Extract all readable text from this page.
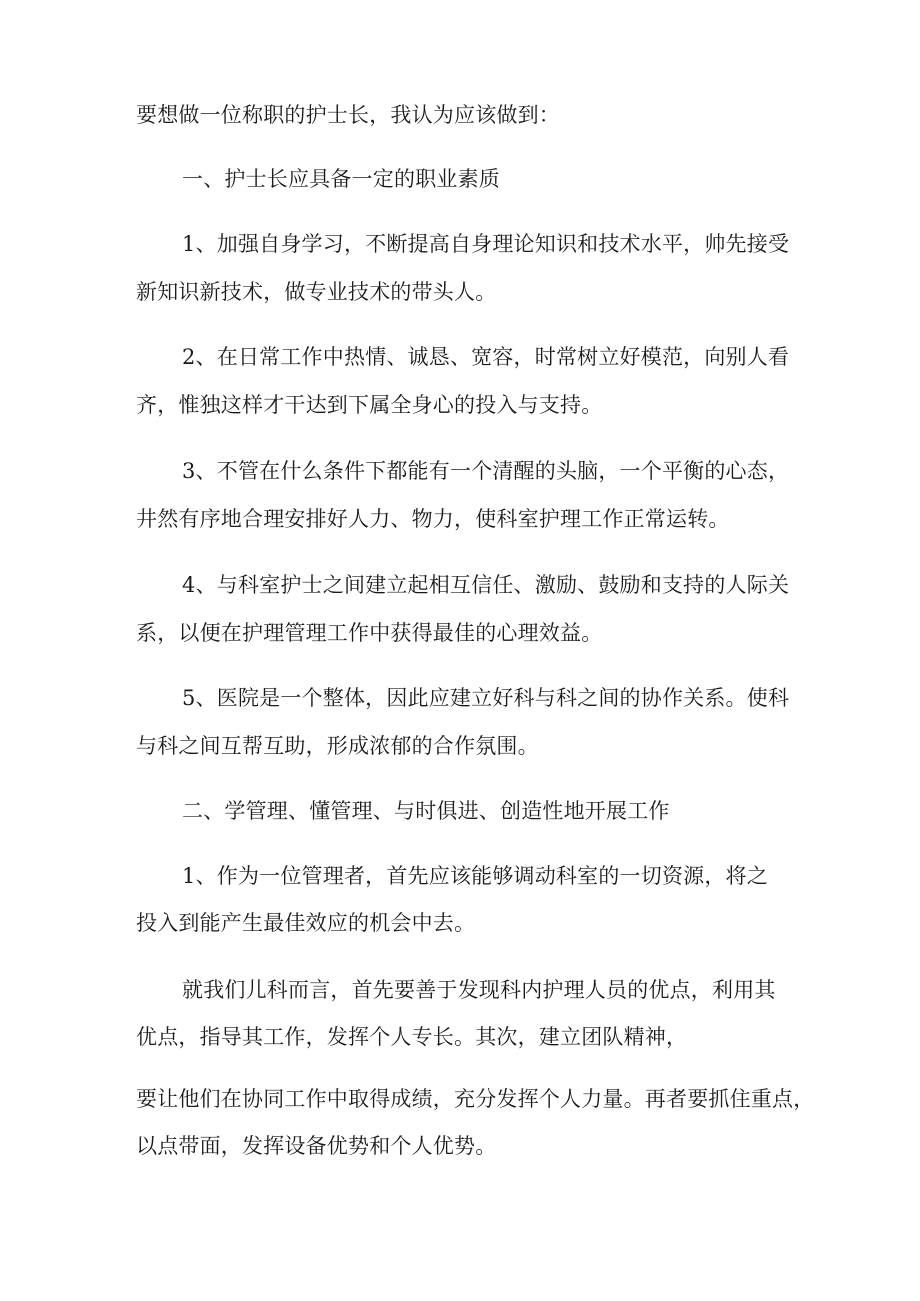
要想做一位称职的护士长，我认为应该做到：

一、护士长应具备一定的职业素质

1、加强自身学习，不断提高自身理论知识和技术水平，帅先接受

新知识新技术，做专业技术的带头人。

2、在日常工作中热情、诚恳、宽容，时常树立好模范，向别人看

齐，惟独这样才干达到下属全身心的投入与支持。

3、不管在什么条件下都能有一个清醒的头脑，一个平衡的心态，

井然有序地合理安排好人力、物力，使科室护理工作正常运转。

4、与科室护士之间建立起相互信任、激励、鼓励和支持的人际关

系，以便在护理管理工作中获得最佳的心理效益。

5、医院是一个整体，因此应建立好科与科之间的协作关系。使科

与科之间互帮互助，形成浓郁的合作氛围。

二、学管理、懂管理、与时俱进、创造性地开展工作

1、作为一位管理者，首先应该能够调动科室的一切资源，将之

投入到能产生最佳效应的机会中去。

就我们儿科而言，首先要善于发现科内护理人员的优点，利用其

优点，指导其工作，发挥个人专长。其次，建立团队精神，

要让他们在协同工作中取得成绩，充分发挥个人力量。再者要抓住重点，

以点带面，发挥设备优势和个人优势。
